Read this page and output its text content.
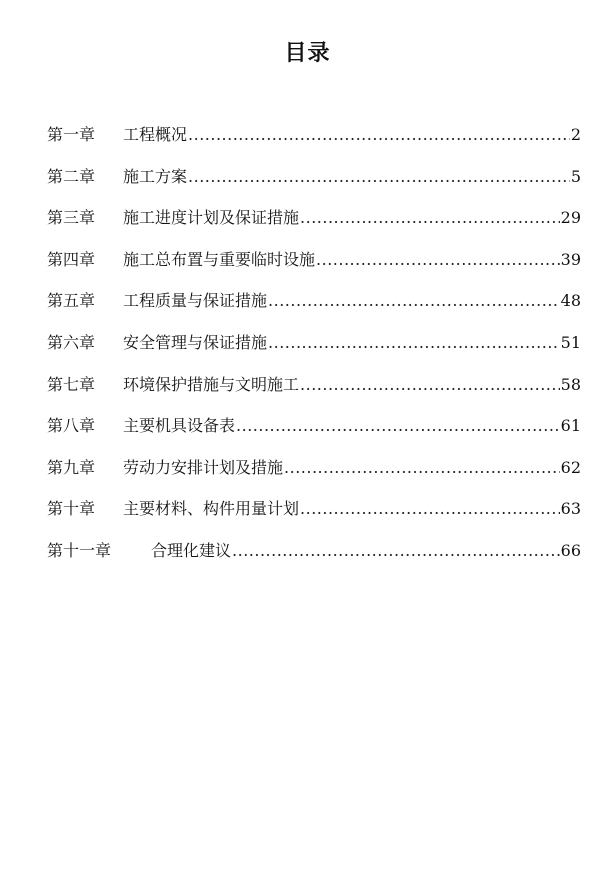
目录
第一章	工程概况 .....	2
第二章	施工方案 .....	5
第三章	施工进度计划及保证措施 .....	29
第四章	施工总布置与重要临时设施 .....	39
第五章	工程质量与保证措施 .....	48
第六章	安全管理与保证措施 .....	51
第七章	环境保护措施与文明施工 .....	58
第八章	主要机具设备表 .....	61
第九章	劳动力安排计划及措施 .....	62
第十章	主要材料、构件用量计划 .....	63
第十一章	合理化建议 .....	66
